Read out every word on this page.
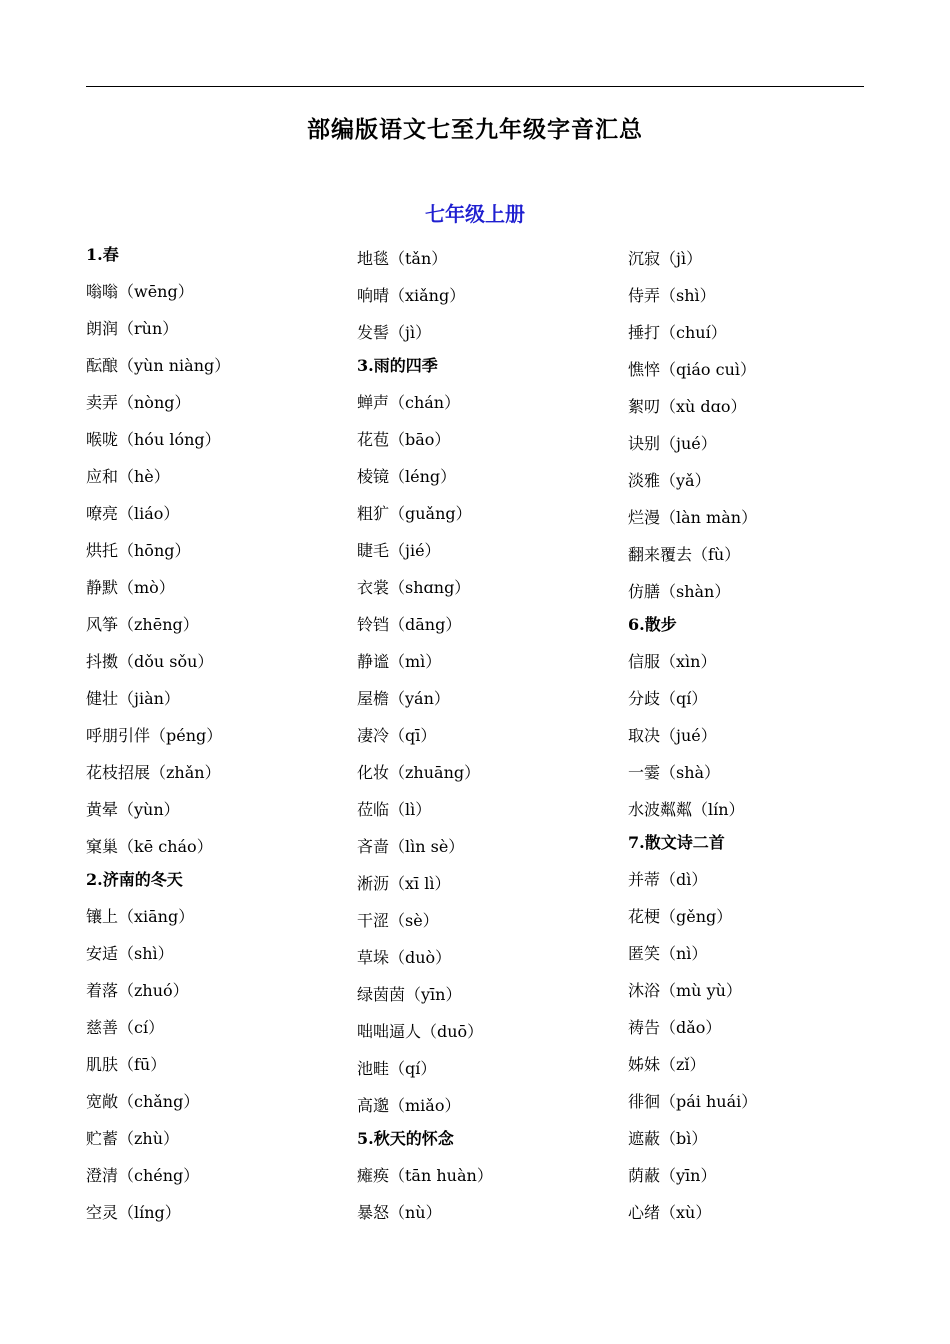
部编版语文七至九年级字音汇总
七年级上册
1.春
嗡嗡（wēng）
朗润（rùn）
酝酿（yùn niàng）
卖弄（nòng）
喉咙（hóu lóng）
应和（hè）
嘹亮（liáo）
烘托（hōng）
静默（mò）
风筝（zhēng）
抖擞（dǒu sǒu）
健壮（jiàn）
呼朋引伴（péng）
花枝招展（zhǎn）
黄晕（yùn）
窠巢（kē cháo）
2.济南的冬天
镶上（xiāng）
安适（shì）
着落（zhuó）
慈善（cí）
肌肤（fū）
宽敞（chǎng）
贮蓄（zhù）
澄清（chéng）
空灵（líng）
地毯（tǎn）
响晴（xiǎng）
发髻（jì）
3.雨的四季
蝉声（chán）
花苞（bāo）
棱镜（léng）
粗犷（guǎng）
睫毛（jié）
衣裳（shɑng）
铃铛（dāng）
静谧（mì）
屋檐（yán）
凄冷（qī）
化妆（zhuāng）
莅临（lì）
吝啬（lìn sè）
淅沥（xī lì）
干涩（sè）
草垛（duò）
绿茵茵（yīn）
咄咄逼人（duō）
池畦（qí）
高邈（miǎo）
5.秋天的怀念
瘫痪（tān huàn）
暴怒（nù）
沉寂（jì）
侍弄（shì）
捶打（chuí）
憔悴（qiáo cuì）
絮叨（xù dɑo）
诀别（jué）
淡雅（yǎ）
烂漫（làn màn）
翻来覆去（fù）
仿膳（shàn）
6.散步
信服（xìn）
分歧（qí）
取决（jué）
一霎（shà）
水波粼粼（lín）
7.散文诗二首
并蒂（dì）
花梗（gěng）
匿笑（nì）
沐浴（mù yù）
祷告（dǎo）
姊妹（zǐ）
徘徊（pái huái）
遮蔽（bì）
荫蔽（yīn）
心绪（xù）
